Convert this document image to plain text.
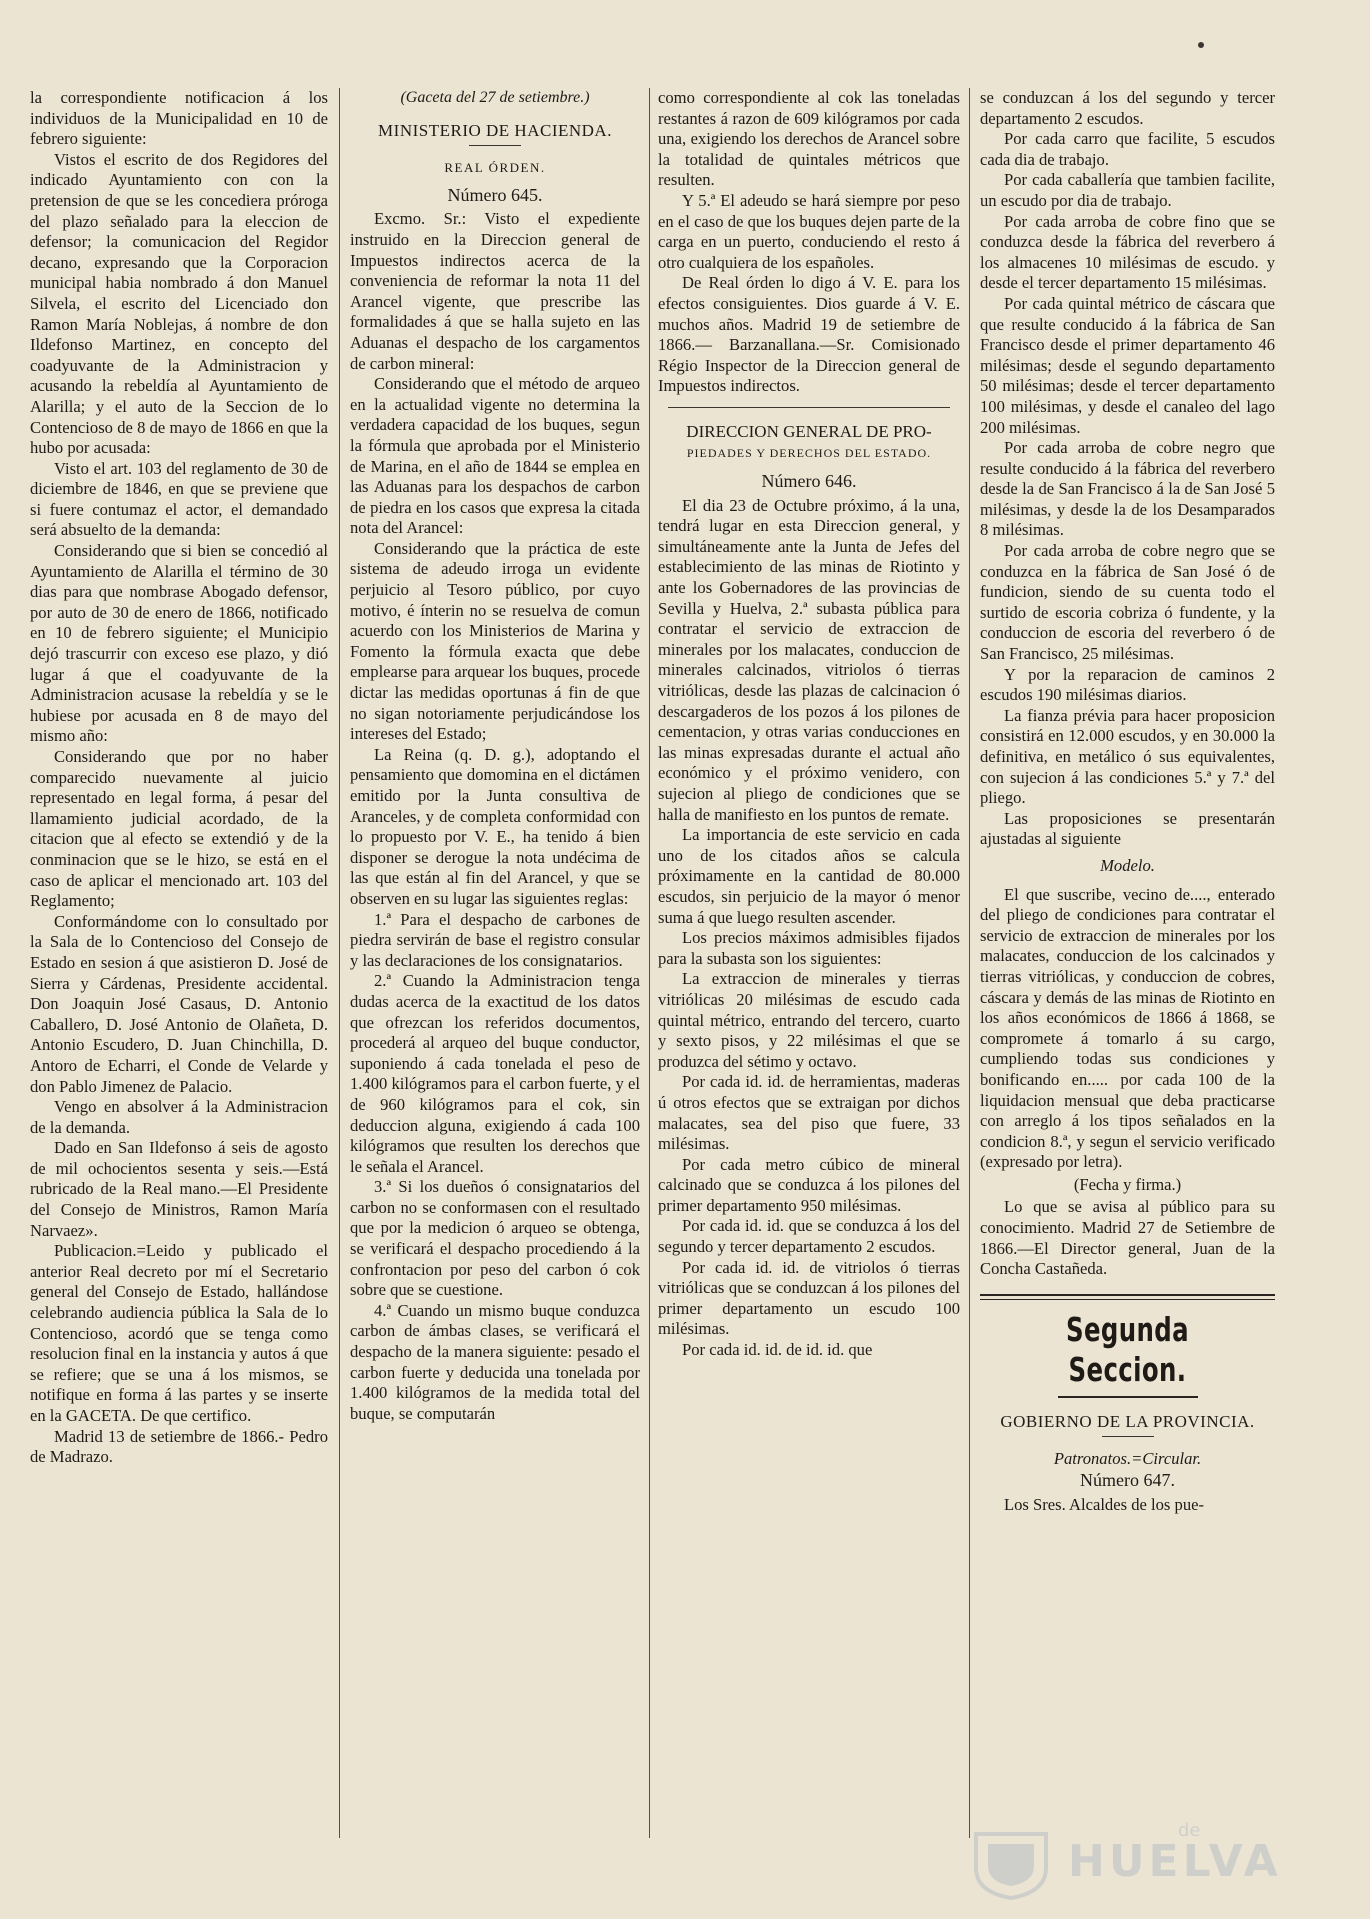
la correspondiente notificacion á los individuos de la Municipalidad en 10 de febrero siguiente:

Vistos el escrito de dos Regidores del indicado Ayuntamiento con con la pretension de que se les concediera próroga del plazo señalado para la eleccion de defensor; la comunicacion del Regidor decano, expresando que la Corporacion municipal habia nombrado á don Manuel Silvela, el escrito del Licenciado don Ramon María Noblejas, á nombre de don Ildefonso Martinez, en concepto del coadyuvante de la Administracion y acusando la rebeldía al Ayuntamiento de Alarilla; y el auto de la Seccion de lo Contencioso de 8 de mayo de 1866 en que la hubo por acusada:

Visto el art. 103 del reglamento de 30 de diciembre de 1846, en que se previene que si fuere contumaz el actor, el demandado será absuelto de la demanda:

Considerando que si bien se concedió al Ayuntamiento de Alarilla el término de 30 dias para que nombrase Abogado defensor, por auto de 30 de enero de 1866, notificado en 10 de febrero siguiente; el Municipio dejó trascurrir con exceso ese plazo, y dió lugar á que el coadyuvante de la Administracion acusase la rebeldía y se le hubiese por acusada en 8 de mayo del mismo año:

Considerando que por no haber comparecido nuevamente al juicio representado en legal forma, á pesar del llamamiento judicial acordado, de la citacion que al efecto se extendió y de la conminacion que se le hizo, se está en el caso de aplicar el mencionado art. 103 del Reglamento;

Conformándome con lo consultado por la Sala de lo Contencioso del Consejo de Estado en sesion á que asistieron D. José de Sierra y Cárdenas, Presidente accidental. Don Joaquin José Casaus, D. Antonio Caballero, D. José Antonio de Olañeta, D. Antonio Escudero, D. Juan Chinchilla, D. Antoro de Echarri, el Conde de Velarde y don Pablo Jimenez de Palacio.

Vengo en absolver á la Administracion de la demanda.

Dado en San Ildefonso á seis de agosto de mil ochocientos sesenta y seis.—Está rubricado de la Real mano.—El Presidente del Consejo de Ministros, Ramon María Narvaez».

Publicacion.=Leido y publicado el anterior Real decreto por mí el Secretario general del Consejo de Estado, hallándose celebrando audiencia pública la Sala de lo Contencioso, acordó que se tenga como resolucion final en la instancia y autos á que se refiere; que se una á los mismos, se notifique en forma á las partes y se inserte en la GACETA. De que certifico.

Madrid 13 de setiembre de 1866.- Pedro de Madrazo.

(Gaceta del 27 de setiembre.)

MINISTERIO DE HACIENDA.

REAL ÓRDEN.

Número 645.

Excmo. Sr.: Visto el expediente instruido en la Direccion general de Impuestos indirectos acerca de la conveniencia de reformar la nota 11 del Arancel vigente, que prescribe las formalidades á que se halla sujeto en las Aduanas el despacho de los cargamentos de carbon mineral:

Considerando que el método de arqueo en la actualidad vigente no determina la verdadera capacidad de los buques, segun la fórmula que aprobada por el Ministerio de Marina, en el año de 1844 se emplea en las Aduanas para los despachos de carbon de piedra en los casos que expresa la citada nota del Arancel:

Considerando que la práctica de este sistema de adeudo irroga un evidente perjuicio al Tesoro público, por cuyo motivo, é ínterin no se resuelva de comun acuerdo con los Ministerios de Marina y Fomento la fórmula exacta que debe emplearse para arquear los buques, procede dictar las medidas oportunas á fin de que no sigan notoriamente perjudicándose los intereses del Estado;

La Reina (q. D. g.), adoptando el pensamiento que domomina en el dictámen emitido por la Junta consultiva de Aranceles, y de completa conformidad con lo propuesto por V. E., ha tenido á bien disponer se derogue la nota undécima de las que están al fin del Arancel, y que se observen en su lugar las siguientes reglas:

1.ª Para el despacho de carbones de piedra servirán de base el registro consular y las declaraciones de los consignatarios.

2.ª Cuando la Administracion tenga dudas acerca de la exactitud de los datos que ofrezcan los referidos documentos, procederá al arqueo del buque conductor, suponiendo á cada tonelada el peso de 1.400 kilógramos para el carbon fuerte, y el de 960 kilógramos para el cok, sin deduccion alguna, exigiendo á cada 100 kilógramos que resulten los derechos que le señala el Arancel.

3.ª Si los dueños ó consignatarios del carbon no se conformasen con el resultado que por la medicion ó arqueo se obtenga, se verificará el despacho procediendo á la confrontacion por peso del carbon ó cok sobre que se cuestione.

4.ª Cuando un mismo buque conduzca carbon de ámbas clases, se verificará el despacho de la manera siguiente: pesado el carbon fuerte y deducida una tonelada por 1.400 kilógramos de la medida total del buque, se computarán

como correspondiente al cok las toneladas restantes á razon de 609 kilógramos por cada una, exigiendo los derechos de Arancel sobre la totalidad de quintales métricos que resulten.

Y 5.ª El adeudo se hará siempre por peso en el caso de que los buques dejen parte de la carga en un puerto, conduciendo el resto á otro cualquiera de los españoles.

De Real órden lo digo á V. E. para los efectos consiguientes. Dios guarde á V. E. muchos años. Madrid 19 de setiembre de 1866.— Barzanallana.—Sr. Comisionado Régio Inspector de la Direccion general de Impuestos indirectos.

DIRECCION GENERAL DE PRO-

PIEDADES Y DERECHOS DEL ESTADO.

Número 646.

El dia 23 de Octubre próximo, á la una, tendrá lugar en esta Direccion general, y simultáneamente ante la Junta de Jefes del establecimiento de las minas de Riotinto y ante los Gobernadores de las provincias de Sevilla y Huelva, 2.ª subasta pública para contratar el servicio de extraccion de minerales por los malacates, conduccion de minerales calcinados, vitriolos ó tierras vitriólicas, desde las plazas de calcinacion ó descargaderos de los pozos á los pilones de cementacion, y otras varias conducciones en las minas expresadas durante el actual año económico y el próximo venidero, con sujecion al pliego de condiciones que se halla de manifiesto en los puntos de remate.

La importancia de este servicio en cada uno de los citados años se calcula próximamente en la cantidad de 80.000 escudos, sin perjuicio de la mayor ó menor suma á que luego resulten ascender.

Los precios máximos admisibles fijados para la subasta son los siguientes:

La extraccion de minerales y tierras vitriólicas 20 milésimas de escudo cada quintal métrico, entrando del tercero, cuarto y sexto pisos, y 22 milésimas el que se produzca del sétimo y octavo.

Por cada id. id. de herramientas, maderas ú otros efectos que se extraigan por dichos malacates, sea del piso que fuere, 33 milésimas.

Por cada metro cúbico de mineral calcinado que se conduzca á los pilones del primer departamento 950 milésimas.

Por cada id. id. que se conduzca á los del segundo y tercer departamento 2 escudos.

Por cada id. id. de vitriolos ó tierras vitriólicas que se conduzcan á los pilones del primer departamento un escudo 100 milésimas.

Por cada id. id. de id. id. que

se conduzcan á los del segundo y tercer departamento 2 escudos.

Por cada carro que facilite, 5 escudos cada dia de trabajo.

Por cada caballería que tambien facilite, un escudo por dia de trabajo.

Por cada arroba de cobre fino que se conduzca desde la fábrica del reverbero á los almacenes 10 milésimas de escudo. y desde el tercer departamento 15 milésimas.

Por cada quintal métrico de cáscara que que resulte conducido á la fábrica de San Francisco desde el primer departamento 46 milésimas; desde el segundo departamento 50 milésimas; desde el tercer departamento 100 milésimas, y desde el canaleo del lago 200 milésimas.

Por cada arroba de cobre negro que resulte conducido á la fábrica del reverbero desde la de San Francisco á la de San José 5 milésimas, y desde la de los Desamparados 8 milésimas.

Por cada arroba de cobre negro que se conduzca en la fábrica de San José ó de fundicion, siendo de su cuenta todo el surtido de escoria cobriza ó fundente, y la conduccion de escoria del reverbero ó de San Francisco, 25 milésimas.

Y por la reparacion de caminos 2 escudos 190 milésimas diarios.

La fianza prévia para hacer proposicion consistirá en 12.000 escudos, y en 30.000 la definitiva, en metálico ó sus equivalentes, con sujecion á las condiciones 5.ª y 7.ª del pliego.

Las proposiciones se presentarán ajustadas al siguiente

Modelo.

El que suscribe, vecino de...., enterado del pliego de condiciones para contratar el servicio de extraccion de minerales por los malacates, conduccion de los calcinados y tierras vitriólicas, y conduccion de cobres, cáscara y demás de las minas de Riotinto en los años económicos de 1866 á 1868, se compromete á tomarlo á su cargo, cumpliendo todas sus condiciones y bonificando en..... por cada 100 de la liquidacion mensual que deba practicarse con arreglo á los tipos señalados en la condicion 8.ª, y segun el servicio verificado (expresado por letra).

(Fecha y firma.)

Lo que se avisa al público para su conocimiento. Madrid 27 de Setiembre de 1866.—El Director general, Juan de la Concha Castañeda.

Segunda Seccion.

GOBIERNO DE LA PROVINCIA.

Patronatos.=Circular.

Número 647.

Los Sres. Alcaldes de los pue-

de
HUELVA
